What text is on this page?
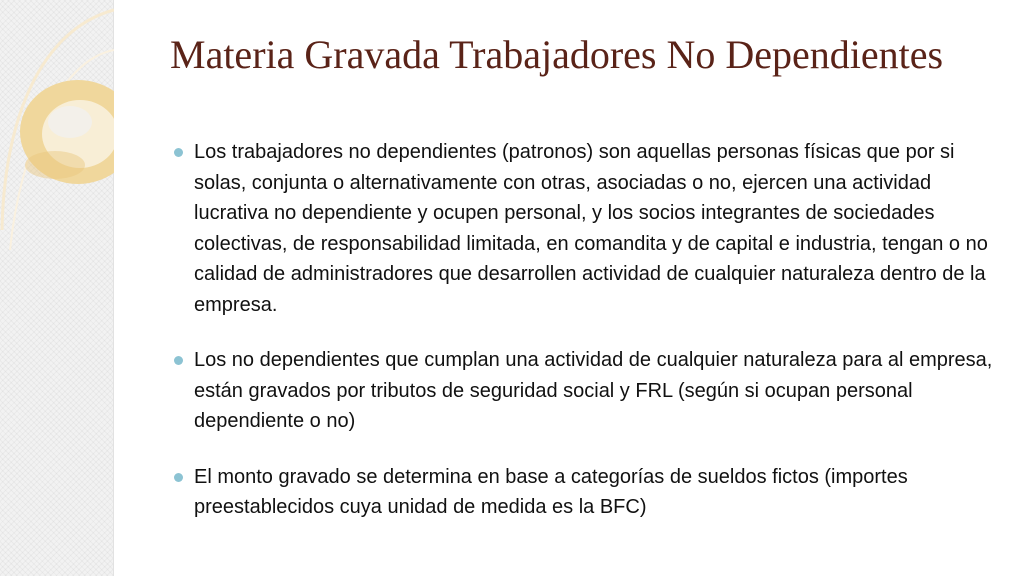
Materia Gravada Trabajadores No Dependientes
Los trabajadores no dependientes (patronos) son aquellas personas físicas que por si solas, conjunta o alternativamente con otras, asociadas o no, ejercen una actividad lucrativa no dependiente y ocupen personal, y los socios integrantes de sociedades colectivas, de responsabilidad limitada, en comandita y de capital e industria, tengan o no calidad de administradores que desarrollen actividad de cualquier naturaleza dentro de la empresa.
Los no dependientes que cumplan una actividad de cualquier naturaleza para al empresa, están gravados por tributos de seguridad social y FRL (según si ocupan personal dependiente o no)
El monto gravado se determina en base a categorías de sueldos fictos (importes preestablecidos cuya unidad de medida es la BFC)
